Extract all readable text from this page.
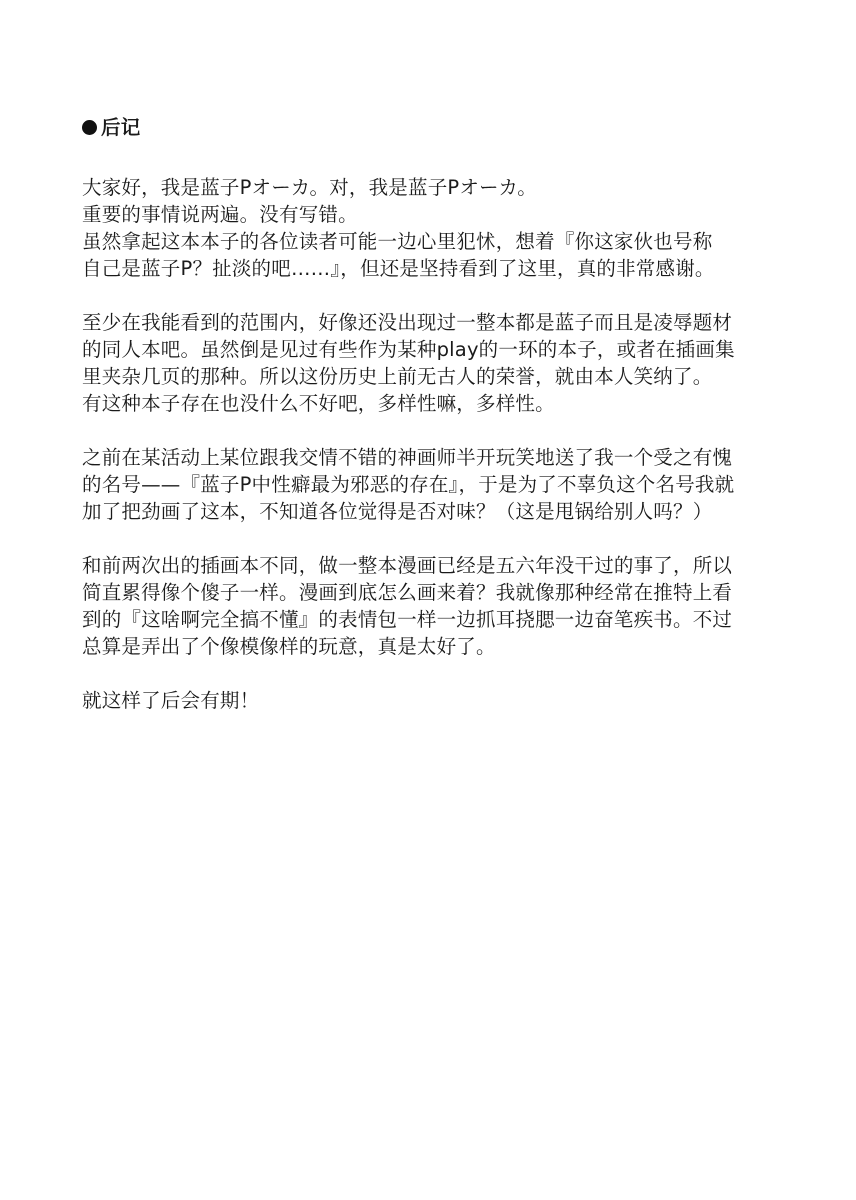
后记
大家好，我是蓝子Pオーカ。对，我是蓝子Pオーカ。
重要的事情说两遍。没有写错。
虽然拿起这本本子的各位读者可能一边心里犯怵，想着『你这家伙也号称
自己是蓝子P？扯淡的吧……』，但还是坚持看到了这里，真的非常感谢。
至少在我能看到的范围内，好像还没出现过一整本都是蓝子而且是凌辱题材
的同人本吧。虽然倒是见过有些作为某种play的一环的本子，或者在插画集
里夹杂几页的那种。所以这份历史上前无古人的荣誉，就由本人笑纳了。
有这种本子存在也没什么不好吧，多样性嘛，多样性。
之前在某活动上某位跟我交情不错的神画师半开玩笑地送了我一个受之有愧
的名号——『蓝子P中性癖最为邪恶的存在』，于是为了不辜负这个名号我就
加了把劲画了这本，不知道各位觉得是否对味？（这是甩锅给别人吗？）
和前两次出的插画本不同，做一整本漫画已经是五六年没干过的事了，所以
简直累得像个傻子一样。漫画到底怎么画来着？我就像那种经常在推特上看
到的『这啥啊完全搞不懂』的表情包一样一边抓耳挠腮一边奋笔疾书。不过
总算是弄出了个像模像样的玩意，真是太好了。
就这样了后会有期！
